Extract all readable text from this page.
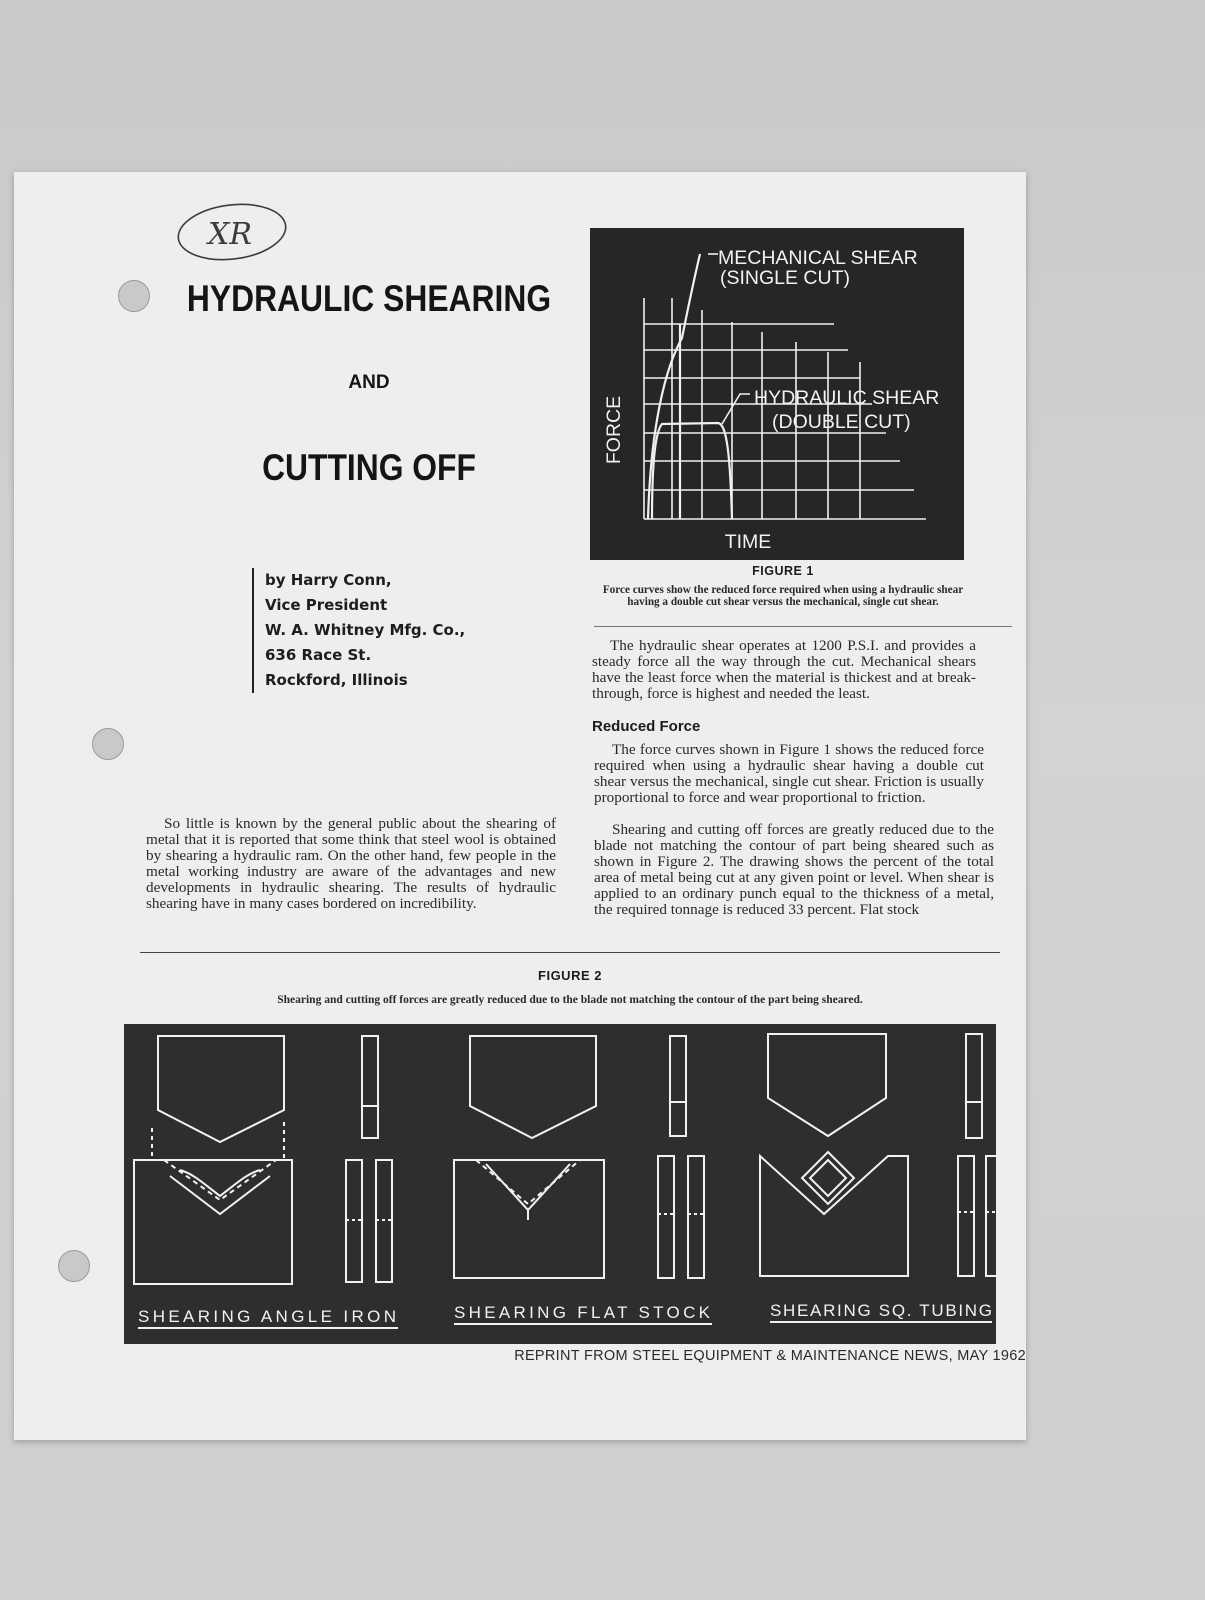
XR
HYDRAULIC SHEARING
AND
CUTTING OFF
by Harry Conn,
Vice President
W. A. Whitney Mfg. Co.,
636 Race St.
Rockford, Illinois

So little is known by the general public about the shearing of metal that it is reported that some think that steel wool is obtained by shearing a hydraulic ram. On the other hand, few people in the metal working industry are aware of the advantages and new developments in hydraulic shearing. The results of hydraulic shearing have in many cases bordered on incredibility.

MECHANICAL SHEAR
(SINGLE CUT)
HYDRAULIC SHEAR
(DOUBLE CUT)
FORCE
TIME
FIGURE 1
Force curves show the reduced force required when using a hydraulic shear having a double cut shear versus the mechanical, single cut shear.

The hydraulic shear operates at 1200 P.S.I. and provides a steady force all the way through the cut. Mechanical shears have the least force when the material is thickest and at break-through, force is highest and needed the least.

Reduced Force

The force curves shown in Figure 1 shows the reduced force required when using a hydraulic shear having a double cut shear versus the mechanical, single cut shear. Friction is usually proportional to force and wear proportional to friction.

Shearing and cutting off forces are greatly reduced due to the blade not matching the contour of part being sheared such as shown in Figure 2. The drawing shows the percent of the total area of metal being cut at any given point or level. When shear is applied to an ordinary punch equal to the thickness of a metal, the required tonnage is reduced 33 percent. Flat stock

FIGURE 2
Shearing and cutting off forces are greatly reduced due to the blade not matching the contour of the part being sheared.
SHEARING ANGLE IRON	SHEARING FLAT STOCK	SHEARING SQ. TUBING
REPRINT FROM STEEL EQUIPMENT & MAINTENANCE NEWS, MAY 1962
